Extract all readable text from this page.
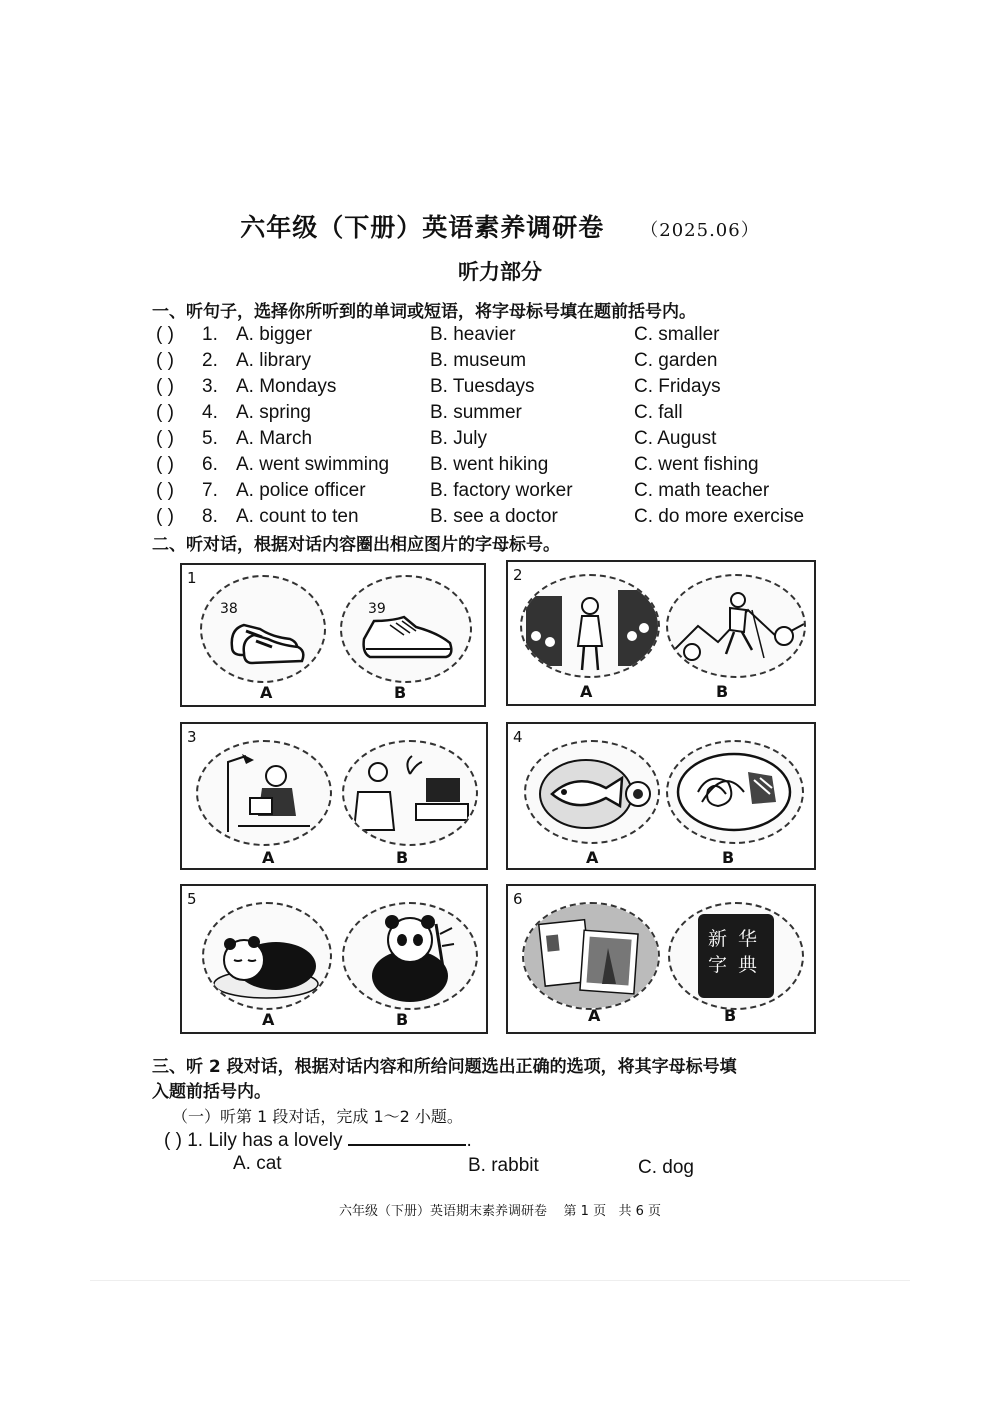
六年级（下册）英语素养调研卷 （2025.06）
听力部分
一、听句子，选择你所听到的单词或短语，将字母标号填在题前括号内。
( ) 1. A. bigger	B. heavier	C. smaller
( ) 2. A. library	B. museum	C. garden
( ) 3. A. Mondays	B. Tuesdays	C. Fridays
( ) 4. A. spring	B. summer	C. fall
( ) 5. A. March	B. July	C. August
( ) 6. A. went swimming B. went hiking	C. went fishing
( ) 7. A. police officer	B. factory worker	C. math teacher
( ) 8. A. count to ten	B. see a doctor	C. do more exercise
二、听对话，根据对话内容圈出相应图片的字母标号。
1
38	39
A	B
2
A	B
3
A	B
4
A	B
5
A	B
6
新 华
字 典
A	B
三、听 2 段对话，根据对话内容和所给问题选出正确的选项，将其字母标号填
入题前括号内。
（一）听第 1 段对话，完成 1～2 小题。
( ) 1. Lily has a lovely	.
A. cat	B. rabbit	C. dog
六年级（下册）英语期末素养调研卷    第 1 页   共 6 页
